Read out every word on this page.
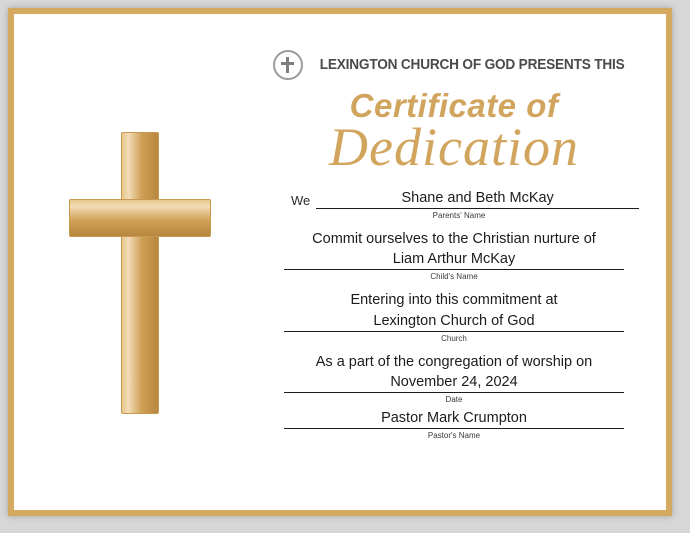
LEXINGTON CHURCH OF GOD PRESENTS THIS
Certificate of
Dedication
We	Shane and Beth McKay
Parents' Name
Commit ourselves to the Christian nurture of
Liam Arthur McKay
Child's Name
Entering into this commitment at
Lexington Church of God
Church
As a part of the congregation of worship on
November 24, 2024
Date
Pastor Mark Crumpton
Pastor's Name
